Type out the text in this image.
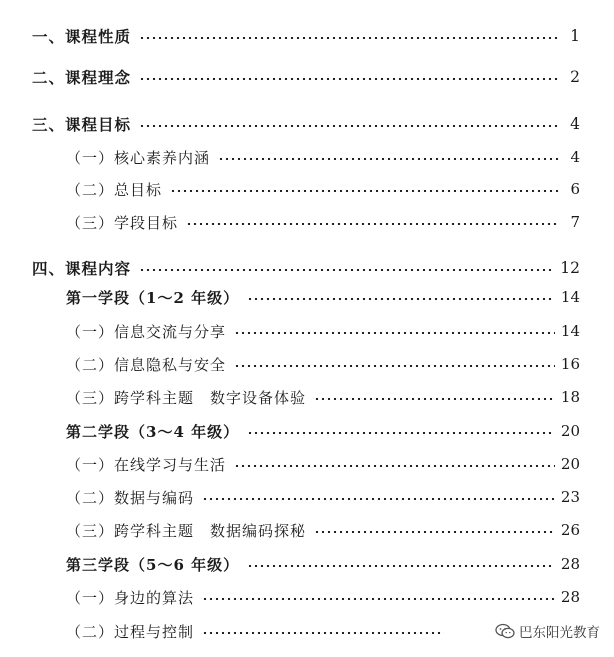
一、课程性质	1
二、课程理念	2
三、课程目标	4
（一）核心素养内涵	4
（二）总目标	6
（三）学段目标	7
四、课程内容	12
第一学段（1～2 年级）	14
（一）信息交流与分享	14
（二）信息隐私与安全	16
（三）跨学科主题　数字设备体验	18
第二学段（3～4 年级）	20
（一）在线学习与生活	20
（二）数据与编码	23
（三）跨学科主题　数据编码探秘	26
第三学段（5～6 年级）	28
（一）身边的算法	28
（二）过程与控制	巴东阳光教育
